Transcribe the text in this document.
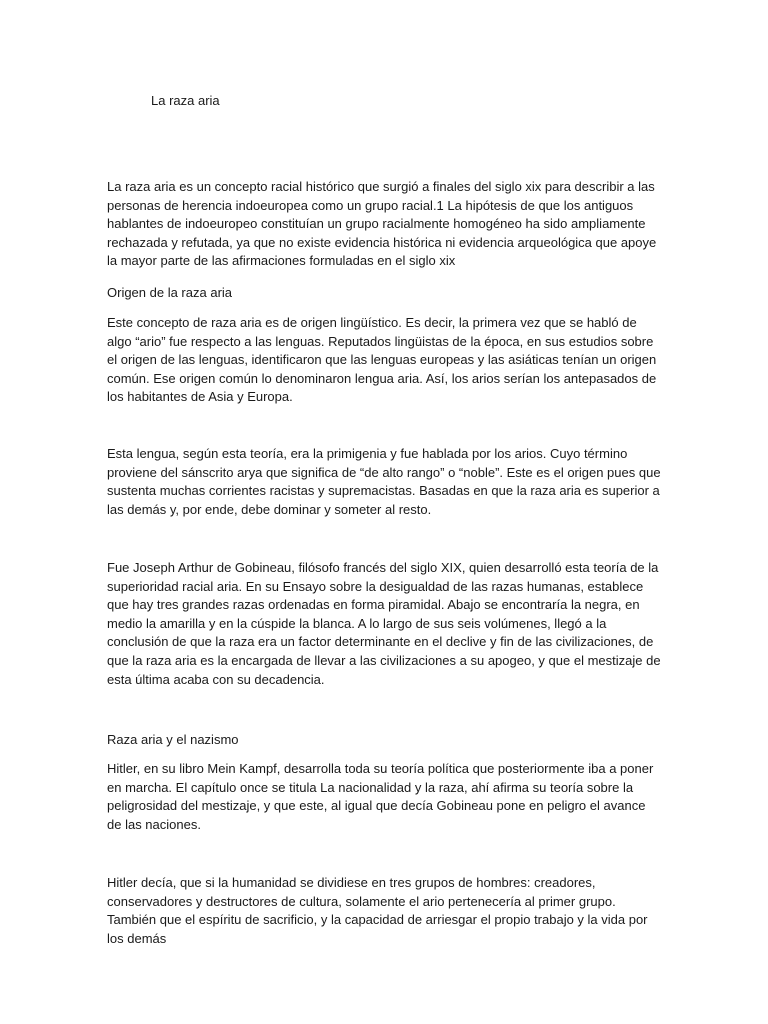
La raza aria

La raza aria es un concepto racial histórico que surgió a finales del siglo xix para describir a las personas de herencia indoeuropea como un grupo racial.1 La hipótesis de que los antiguos hablantes de indoeuropeo constituían un grupo racialmente homogéneo ha sido ampliamente rechazada y refutada, ya que no existe evidencia histórica ni evidencia arqueológica que apoye la mayor parte de las afirmaciones formuladas en el siglo xix

Origen de la raza aria

Este concepto de raza aria es de origen lingüístico. Es decir, la primera vez que se habló de algo “ario” fue respecto a las lenguas. Reputados lingüistas de la época, en sus estudios sobre el origen de las lenguas, identificaron que las lenguas europeas y las asiáticas tenían un origen común. Ese origen común lo denominaron lengua aria. Así, los arios serían los antepasados de los habitantes de Asia y Europa.

Esta lengua, según esta teoría, era la primigenia y fue hablada por los arios. Cuyo término proviene del sánscrito arya que significa de “de alto rango” o “noble”. Este es el origen pues que sustenta muchas corrientes racistas y supremacistas. Basadas en que la raza aria es superior a las demás y, por ende, debe dominar y someter al resto.

Fue Joseph Arthur de Gobineau, filósofo francés del siglo XIX, quien desarrolló esta teoría de la superioridad racial aria. En su Ensayo sobre la desigualdad de las razas humanas, establece que hay tres grandes razas ordenadas en forma piramidal. Abajo se encontraría la negra, en medio la amarilla y en la cúspide la blanca. A lo largo de sus seis volúmenes, llegó a la conclusión de que la raza era un factor determinante en el declive y fin de las civilizaciones, de que la raza aria es la encargada de llevar a las civilizaciones a su apogeo, y que el mestizaje de esta última acaba con su decadencia.

Raza aria y el nazismo

Hitler, en su libro Mein Kampf, desarrolla toda su teoría política que posteriormente iba a poner en marcha. El capítulo once se titula La nacionalidad y la raza, ahí afirma su teoría sobre la peligrosidad del mestizaje, y que este, al igual que decía Gobineau pone en peligro el avance de las naciones.

Hitler decía, que si la humanidad se dividiese en tres grupos de hombres: creadores, conservadores y destructores de cultura, solamente el ario pertenecería al primer grupo. También que el espíritu de sacrificio, y la capacidad de arriesgar el propio trabajo y la vida por los demás
